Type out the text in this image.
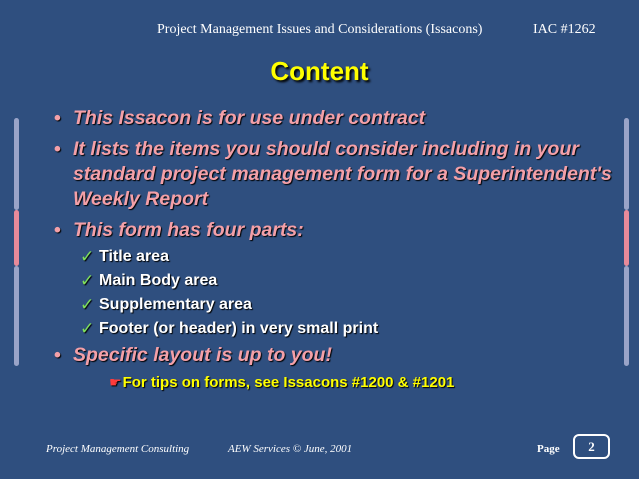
Project Management Issues and Considerations (Issacons)	IAC #1262
Content
• This Issacon is for use under contract
• It lists the items you should consider including in your standard project management form for a Superintendent's Weekly Report
• This form has four parts:
✓ Title area
✓ Main Body area
✓ Supplementary area
✓ Footer (or header) in very small print
• Specific layout is up to you!
☛For tips on forms, see Issacons #1200 & #1201
Project Management Consulting	AEW Services © June, 2001	Page	2
